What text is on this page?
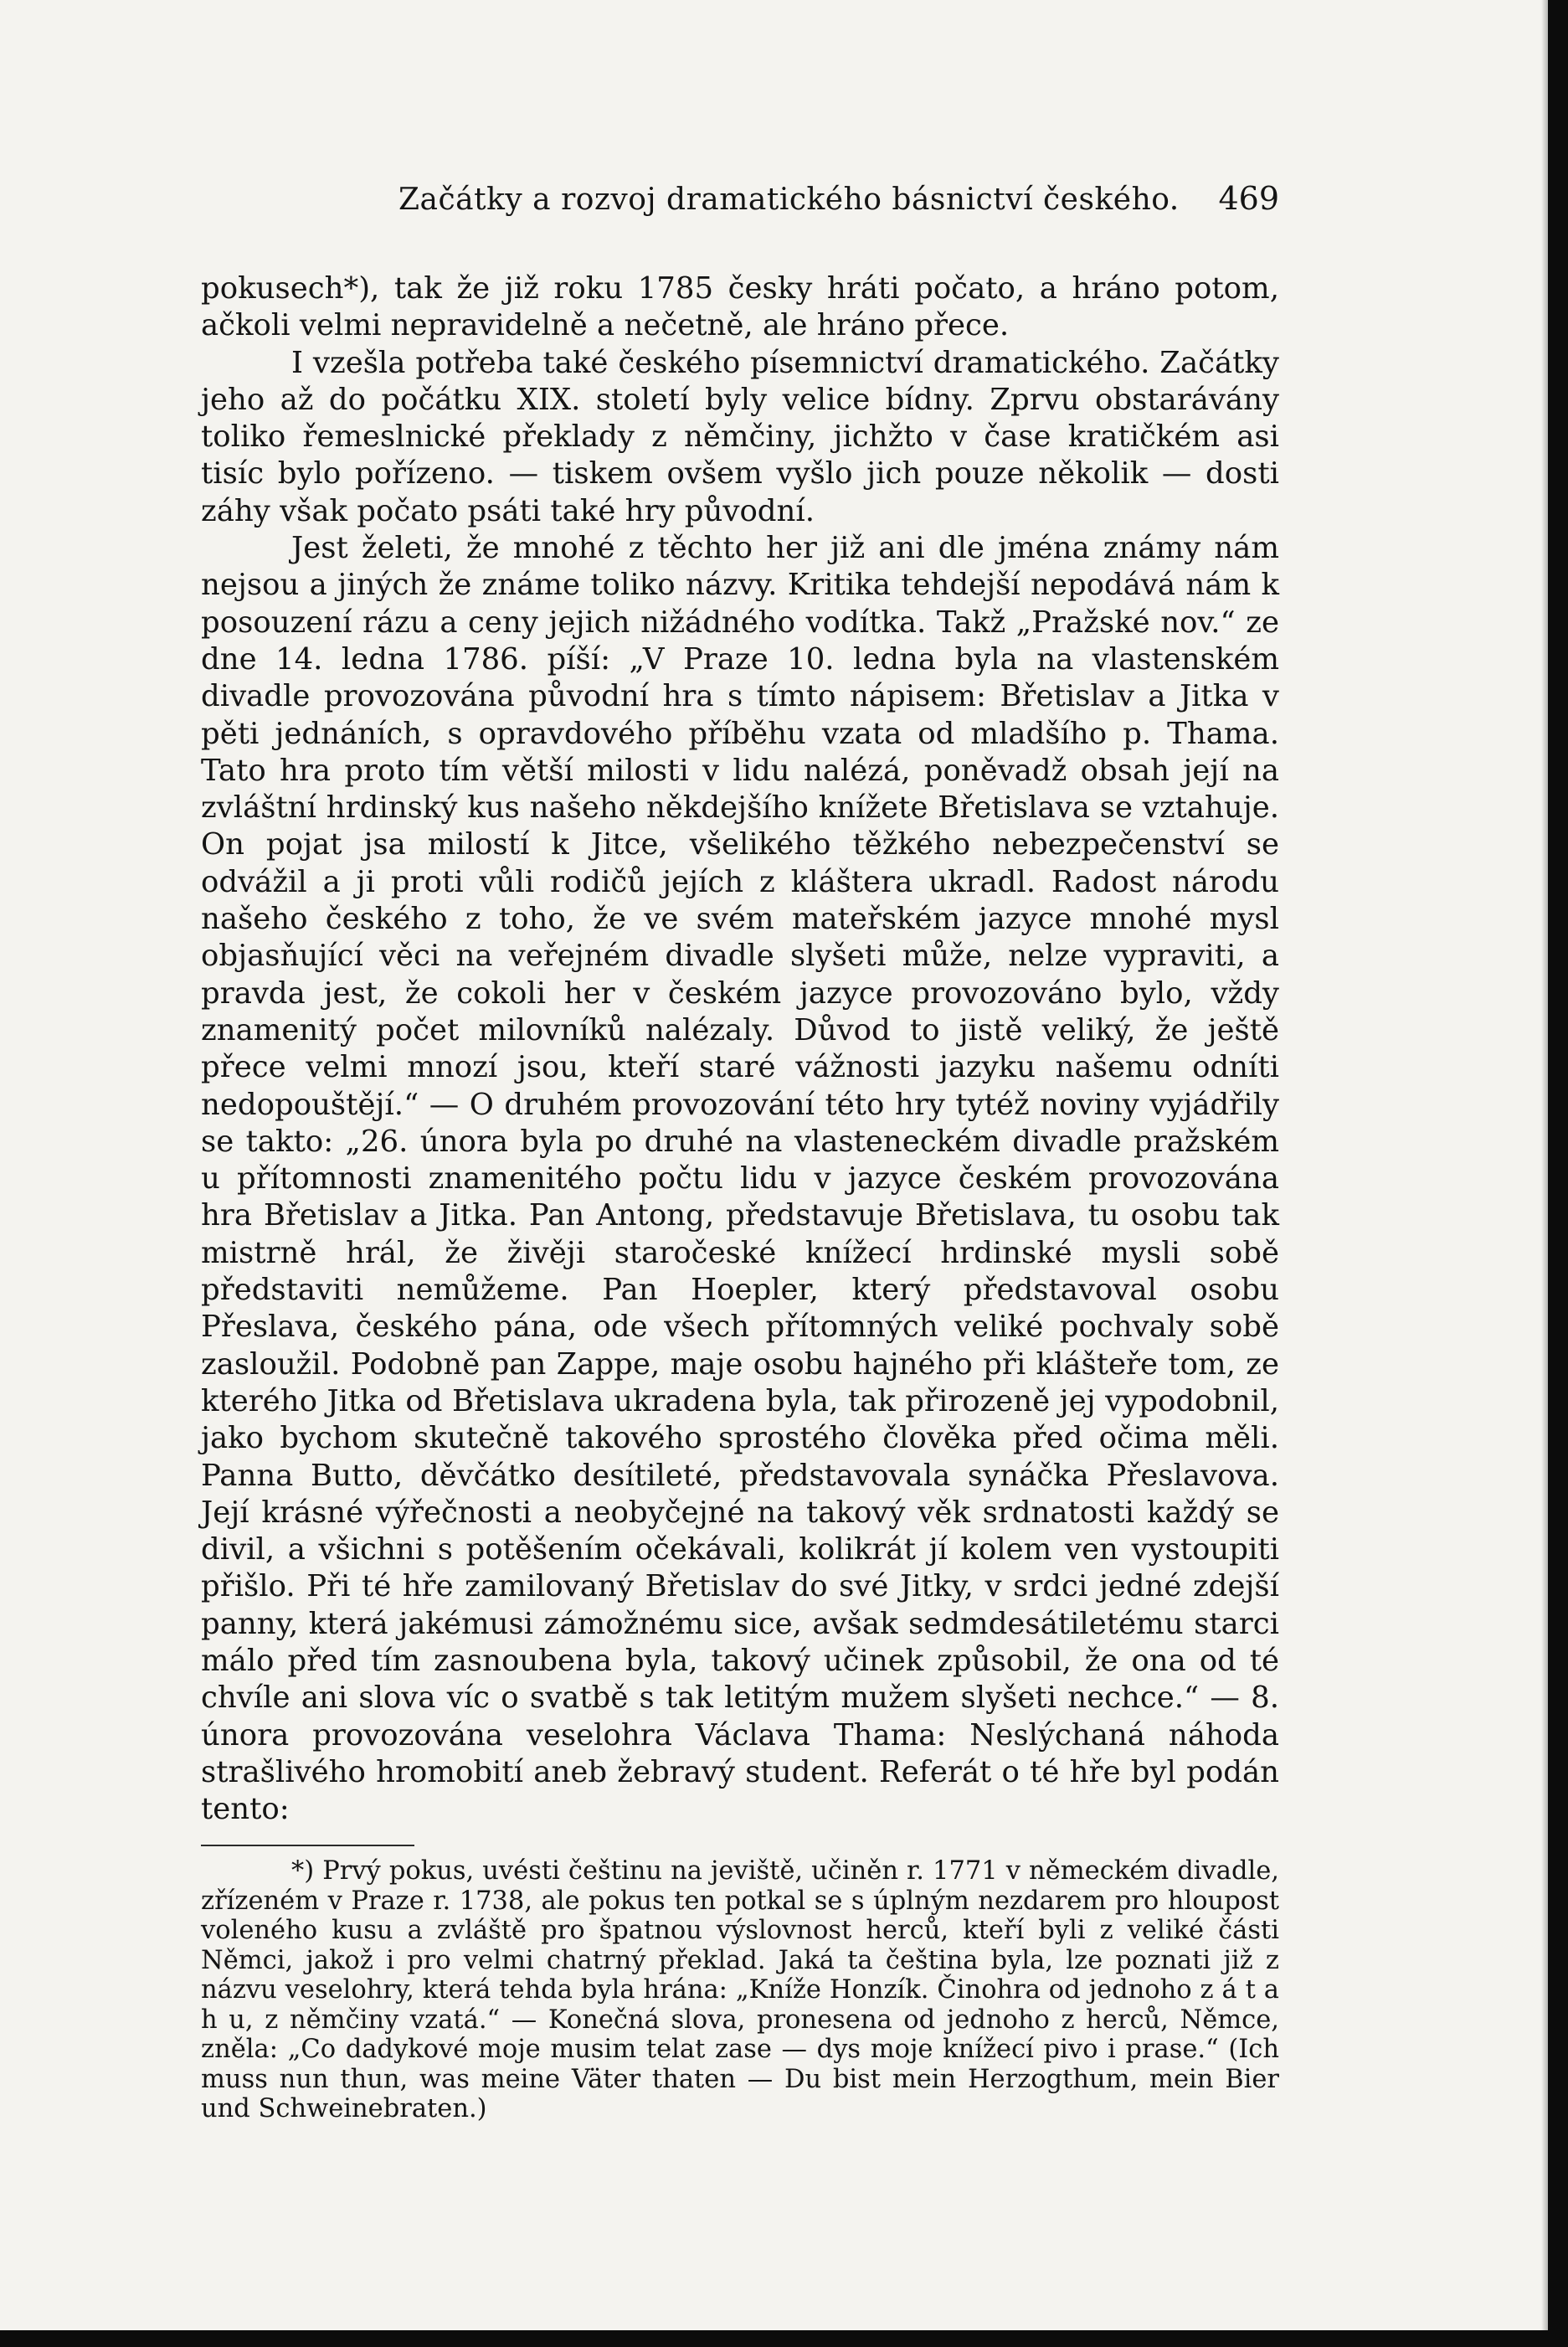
Začátky a rozvoj dramatického básnictví českého. 469

pokusech*), tak že již roku 1785 česky hráti počato, a hráno potom, ačkoli velmi nepravidelně a nečetně, ale hráno přece.

I vzešla potřeba také českého písemnictví dramatického. Začátky jeho až do počátku XIX. století byly velice bídny. Zprvu obstarávány toliko řemeslnické překlady z němčiny, jichžto v čase kratičkém asi tisíc bylo pořízeno. — tiskem ovšem vyšlo jich pouze několik — dosti záhy však počato psáti také hry původní.

Jest želeti, že mnohé z těchto her již ani dle jména známy nám nejsou a jiných že známe toliko názvy. Kritika tehdejší nepodává nám k posouzení rázu a ceny jejich nižádného vodítka. Takž „Pražské nov.“ ze dne 14. ledna 1786. píší: „V Praze 10. ledna byla na vlastenském divadle provozována původní hra s tímto nápisem: Břetislav a Jitka v pěti jednáních, s opravdového příběhu vzata od mladšího p. Thama. Tato hra proto tím větší milosti v lidu nalézá, poněvadž obsah její na zvláštní hrdinský kus našeho někdejšího knížete Břetislava se vztahuje. On pojat jsa milostí k Jitce, všelikého těžkého nebezpečenství se odvážil a ji proti vůli rodičů jejích z kláštera ukradl. Radost národu našeho českého z toho, že ve svém mateřském jazyce mnohé mysl objasňující věci na veřejném divadle slyšeti může, nelze vypraviti, a pravda jest, že cokoli her v českém jazyce provozováno bylo, vždy znamenitý počet milovníků nalézaly. Důvod to jistě veliký, že ještě přece velmi mnozí jsou, kteří staré vážnosti jazyku našemu odníti nedopouštějí.“ — O druhém provozování této hry tytéž noviny vyjádřily se takto: „26. února byla po druhé na vlasteneckém divadle pražském u přítomnosti znamenitého počtu lidu v jazyce českém provozována hra Břetislav a Jitka. Pan Antong, představuje Břetislava, tu osobu tak mistrně hrál, že živěji staročeské knížecí hrdinské mysli sobě představiti nemůžeme. Pan Hoepler, který představoval osobu Přeslava, českého pána, ode všech přítomných veliké pochvaly sobě zasloužil. Podobně pan Zappe, maje osobu hajného při klášteře tom, ze kterého Jitka od Břetislava ukradena byla, tak přirozeně jej vypodobnil, jako bychom skutečně takového sprostého člověka před očima měli. Panna Butto, děvčátko desítileté, představovala synáčka Přeslavova. Její krásné výřečnosti a neobyčejné na takový věk srdnatosti každý se divil, a všichni s potěšením očekávali, kolikrát jí kolem ven vystoupiti přišlo. Při té hře zamilovaný Břetislav do své Jitky, v srdci jedné zdejší panny, která jakémusi zámožnému sice, avšak sedmdesátiletému starci málo před tím zasnoubena byla, takový učinek způsobil, že ona od té chvíle ani slova víc o svatbě s tak letitým mužem slyšeti nechce.“ — 8. února provozována veselohra Václava Thama: Neslýchaná náhoda strašlivého hromobití aneb žebravý student. Referát o té hře byl podán tento:

*) Prvý pokus, uvésti češtinu na jeviště, učiněn r. 1771 v německém divadle, zřízeném v Praze r. 1738, ale pokus ten potkal se s úplným nezdarem pro hloupost voleného kusu a zvláště pro špatnou výslovnost herců, kteří byli z veliké části Němci, jakož i pro velmi chatrný překlad. Jaká ta čeština byla, lze poznati již z názvu veselohry, která tehda byla hrána: „Kníže Honzík. Činohra od jednoho z á t a h u, z němčiny vzatá.“ — Konečná slova, pronesena od jednoho z herců, Němce, zněla: „Co dadykové moje musim telat zase — dys moje knížecí pivo i prase.“ (Ich muss nun thun, was meine Väter thaten — Du bist mein Herzogthum, mein Bier und Schweinebraten.)
